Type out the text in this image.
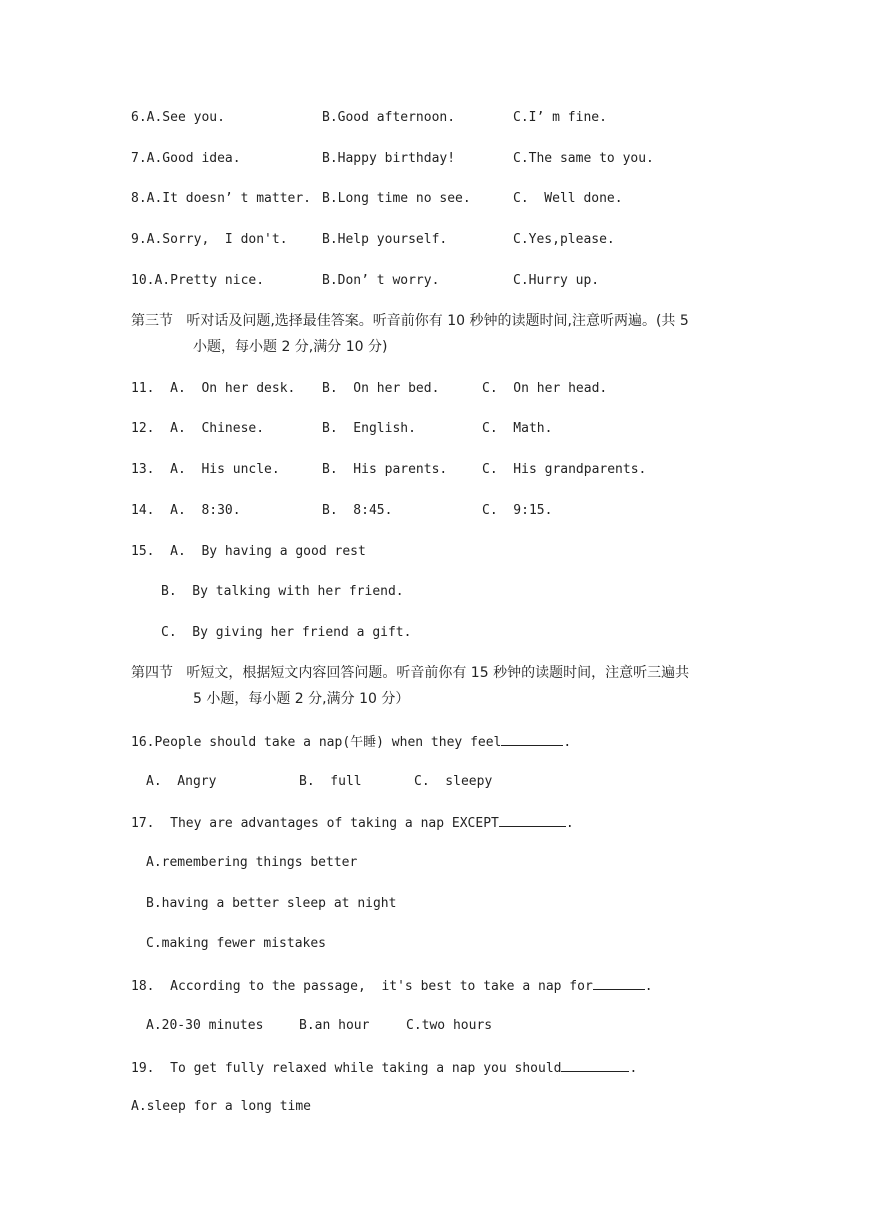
6.A.See you.	B.Good afternoon.	C.I’ m fine.
7.A.Good idea.	B.Happy birthday!	C.The same to you.
8.A.It doesn’ t matter. B.Long time no see.	C.  Well done.
9.A.Sorry,  I don't.	B.Help yourself.	C.Yes,please.
10.A.Pretty nice.	B.Don’ t worry.	C.Hurry up.
第三节   听对话及问题,选择最佳答案。听音前你有 10 秒钟的读题时间,注意听两遍。(共 5
小题，每小题 2 分,满分 10 分)
11.  A.  On her desk. B.  On her bed.	C.  On her head.
12.  A.  Chinese.	B.  English.	C.  Math.
13.  A.  His uncle.	B.  His parents.	C.  His grandparents.
14.  A.  8:30.	B.  8:45.	C.  9:15.
15.  A.  By having a good rest
B.  By talking with her friend.
C.  By giving her friend a gift.
第四节   听短文，根据短文内容回答问题。听音前你有 15 秒钟的读题时间，注意听三遍共
5 小题，每小题 2 分,满分 10 分）
16.People should take a nap(午睡) when they feel	.
A.  Angry	B.  full	C.  sleepy
17.  They are advantages of taking a nap EXCEPT	.
A.remembering things better
B.having a better sleep at night
C.making fewer mistakes
18.  According to the passage,  it's best to take a nap for	.
A.20-30 minutes	B.an hour	C.two hours
19.  To get fully relaxed while taking a nap you should	.
A.sleep for a long time
